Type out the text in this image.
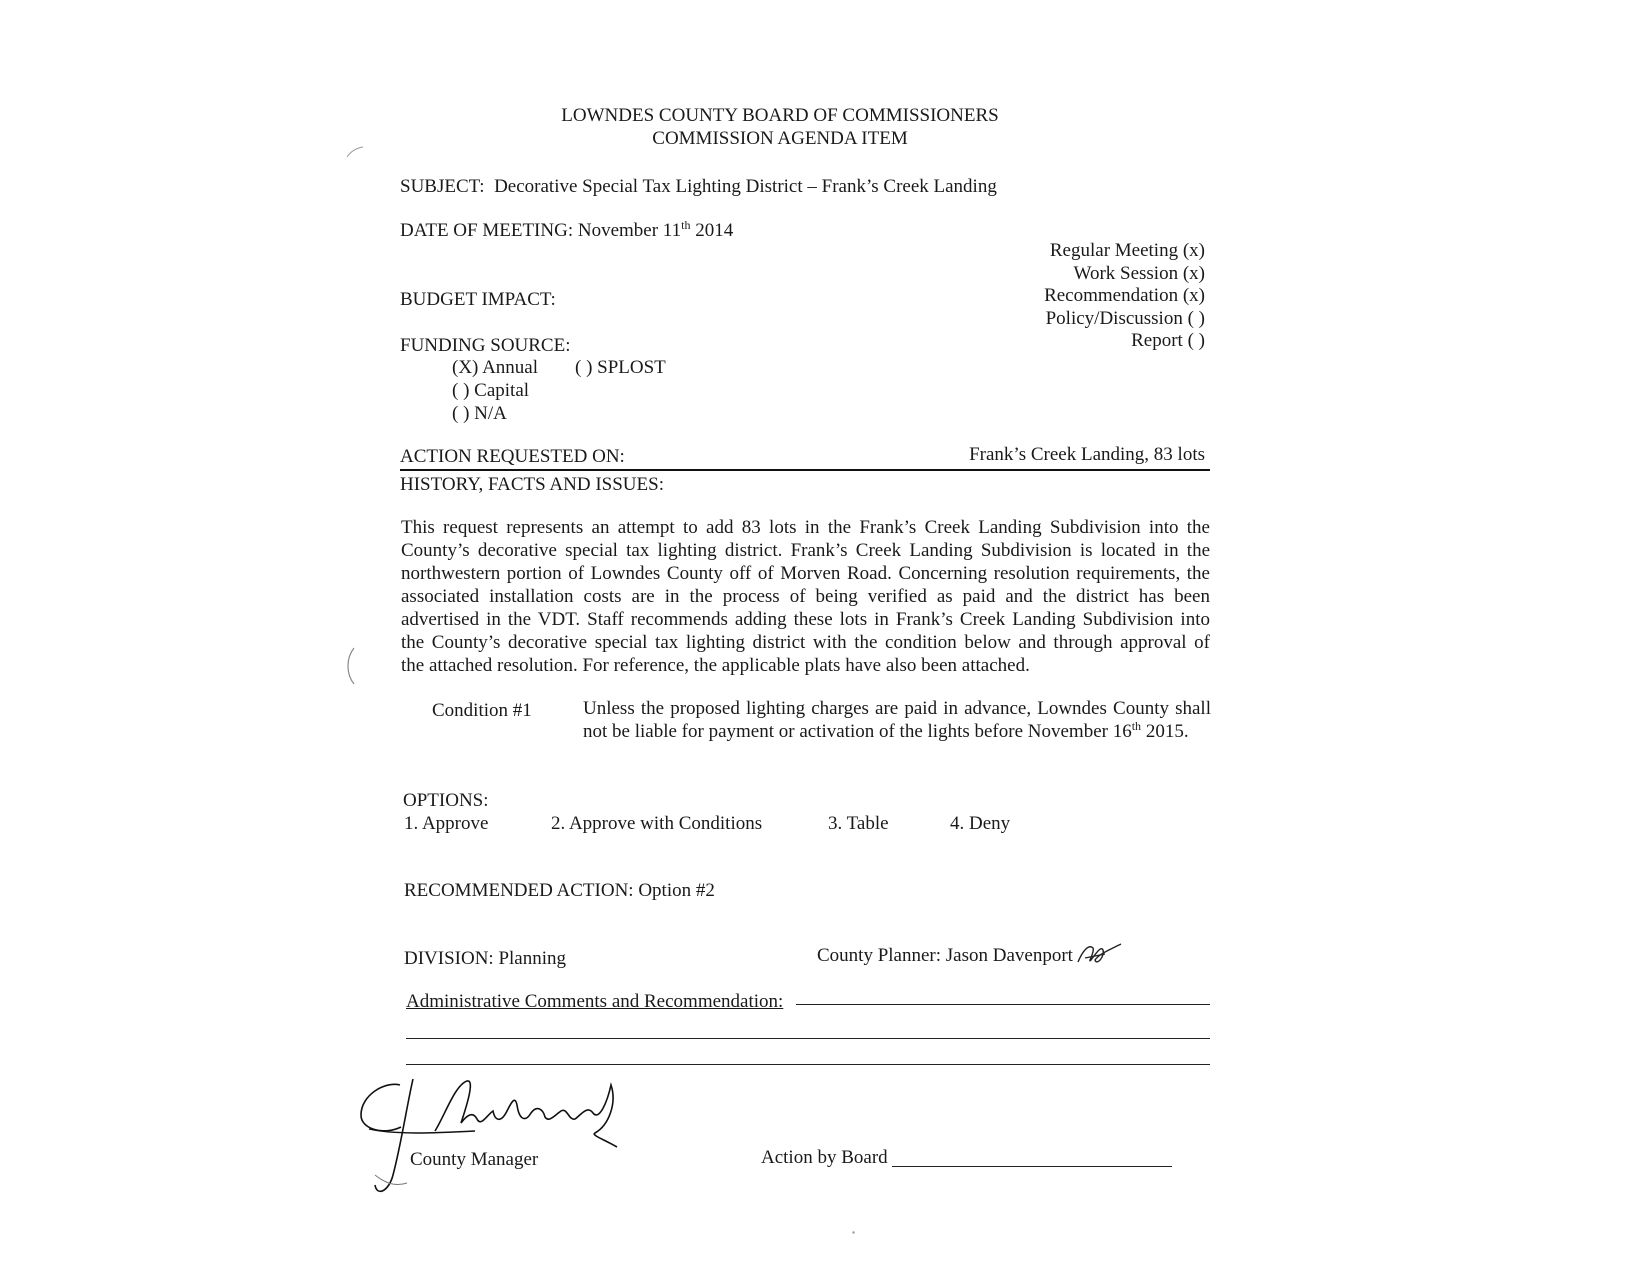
LOWNDES COUNTY BOARD OF COMMISSIONERS
COMMISSION AGENDA ITEM
SUBJECT: Decorative Special Tax Lighting District – Frank’s Creek Landing
DATE OF MEETING: November 11th 2014
Regular Meeting (x)
Work Session (x)
Recommendation (x)
Policy/Discussion ( )
Report ( )
BUDGET IMPACT:
FUNDING SOURCE:
(X) Annual ( ) SPLOST
( ) Capital
( ) N/A
ACTION REQUESTED ON:	Frank’s Creek Landing, 83 lots
HISTORY, FACTS AND ISSUES:
This request represents an attempt to add 83 lots in the Frank’s Creek Landing Subdivision into the
County’s decorative special tax lighting district. Frank’s Creek Landing Subdivision is located in the
northwestern portion of Lowndes County off of Morven Road. Concerning resolution requirements, the
associated installation costs are in the process of being verified as paid and the district has been
advertised in the VDT. Staff recommends adding these lots in Frank’s Creek Landing Subdivision into
the County’s decorative special tax lighting district with the condition below and through approval of
the attached resolution. For reference, the applicable plats have also been attached.
Condition #1	Unless the proposed lighting charges are paid in advance, Lowndes County shall
not be liable for payment or activation of the lights before November 16th 2015.
OPTIONS:
1. Approve	2. Approve with Conditions	3. Table	4. Deny
RECOMMENDED ACTION: Option #2
DIVISION: Planning	County Planner: Jason Davenport
Administrative Comments and Recommendation:
County Manager	Action by Board
